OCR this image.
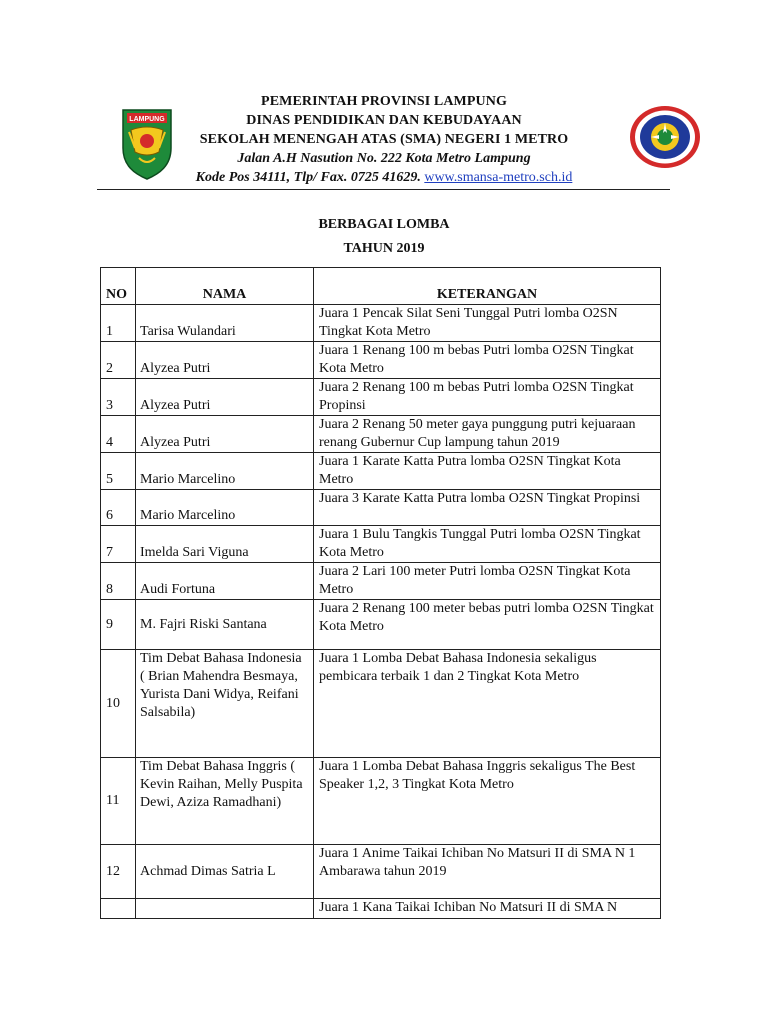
LAMPUNG
PEMERINTAH PROVINSI LAMPUNG
DINAS PENDIDIKAN DAN KEBUDAYAAN
SEKOLAH MENENGAH ATAS (SMA) NEGERI 1 METRO
Jalan A.H Nasution No. 222 Kota Metro Lampung
Kode Pos 34111, Tlp/ Fax. 0725 41629. www.smansa-metro.sch.id
BERBAGAI LOMBA
TAHUN 2019
NO	NAMA	KETERANGAN
1	Tarisa Wulandari	Juara 1 Pencak Silat Seni Tunggal Putri lomba O2SN Tingkat Kota Metro
2	Alyzea Putri	Juara 1 Renang 100 m bebas Putri lomba O2SN Tingkat Kota Metro
3	Alyzea Putri	Juara 2 Renang 100 m bebas Putri lomba O2SN Tingkat Propinsi
4	Alyzea Putri	Juara 2 Renang 50 meter gaya punggung putri kejuaraan renang Gubernur Cup lampung tahun 2019
5	Mario Marcelino	Juara 1 Karate Katta Putra lomba O2SN Tingkat Kota Metro
6	Mario Marcelino	Juara 3 Karate Katta Putra lomba O2SN Tingkat Propinsi
7	Imelda Sari Viguna	Juara 1 Bulu Tangkis Tunggal Putri lomba O2SN Tingkat Kota Metro
8	Audi Fortuna	Juara 2 Lari 100 meter Putri lomba O2SN Tingkat Kota Metro
9	M. Fajri Riski Santana	Juara 2 Renang 100 meter bebas putri lomba O2SN Tingkat Kota Metro
10	Tim Debat Bahasa Indonesia ( Brian Mahendra Besmaya, Yurista Dani Widya, Reifani Salsabila)	Juara 1 Lomba Debat Bahasa Indonesia sekaligus pembicara terbaik 1 dan 2 Tingkat Kota Metro
11	Tim Debat Bahasa Inggris ( Kevin Raihan, Melly Puspita Dewi, Aziza Ramadhani)	Juara 1 Lomba Debat Bahasa Inggris sekaligus The Best Speaker 1,2, 3 Tingkat Kota Metro
12	Achmad Dimas Satria L	Juara 1 Anime Taikai Ichiban No Matsuri II di SMA N 1 Ambarawa tahun 2019
		Juara 1 Kana Taikai Ichiban No Matsuri II di SMA N
